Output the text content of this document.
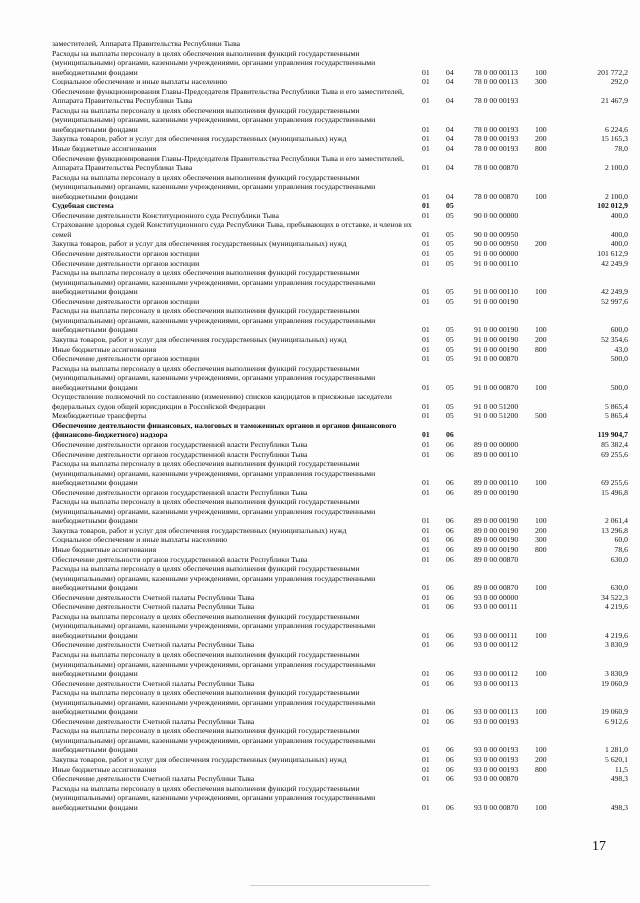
заместителей, Аппарата Правительства Республики Тыва
Расходы на выплаты персоналу в целях обеспечения выполнения функций государственными (муниципальными) органами, казенными учреждениями, органами управления государственными внебюджетными фондами	01 04	78 0 00 00113 100	201 772,2
Социальное обеспечение и иные выплаты населению	01 04	78 0 00 00113 300	292,0
Обеспечение функционирования Главы-Председателя Правительства Республики Тыва и его заместителей, Аппарата Правительства Республики Тыва	01 04	78 0 00 00193	21 467,9
Расходы на выплаты персоналу в целях обеспечения выполнения функций государственными (муниципальными) органами, казенными учреждениями, органами управления государственными внебюджетными фондами	01 04	78 0 00 00193 100	6 224,6
Закупка товаров, работ и услуг для обеспечения государственных (муниципальных) нужд	01 04	78 0 00 00193 200	15 165,3
Иные бюджетные ассигнования	01 04	78 0 00 00193 800	78,0
Обеспечение функционирования Главы-Председателя Правительства Республики Тыва и его заместителей, Аппарата Правительства Республики Тыва	01 04	78 0 00 00870	2 100,0
Расходы на выплаты персоналу в целях обеспечения выполнения функций государственными (муниципальными) органами, казенными учреждениями, органами управления государственными внебюджетными фондами	01 04	78 0 00 00870 100	2 100,0
Судебная система	01 05	102 012,9
Обеспечение деятельности Конституционного суда Республики Тыва	01 05	90 0 00 00000	400,0
Страхование здоровья судей Конституционного суда Республики Тыва, пребывающих в отставке, и членов их семей	01 05	90 0 00 00950	400,0
Закупка товаров, работ и услуг для обеспечения государственных (муниципальных) нужд	01 05	90 0 00 00950 200	400,0
Обеспечение деятельности органов юстиции	01 05	91 0 00 00000	101 612,9
Обеспечение деятельности органов юстиции	01 05	91 0 00 00110	42 249,9
Расходы на выплаты персоналу в целях обеспечения выполнения функций государственными (муниципальными) органами, казенными учреждениями, органами управления государственными внебюджетными фондами	01 05	91 0 00 00110 100	42 249,9
Обеспечение деятельности органов юстиции	01 05	91 0 00 00190	52 997,6
Расходы на выплаты персоналу в целях обеспечения выполнения функций государственными (муниципальными) органами, казенными учреждениями, органами управления государственными внебюджетными фондами	01 05	91 0 00 00190 100	600,0
Закупка товаров, работ и услуг для обеспечения государственных (муниципальных) нужд	01 05	91 0 00 00190 200	52 354,6
Иные бюджетные ассигнования	01 05	91 0 00 00190 800	43,0
Обеспечение деятельности органов юстиции	01 05	91 0 00 00870	500,0
Расходы на выплаты персоналу в целях обеспечения выполнения функций государственными (муниципальными) органами, казенными учреждениями, органами управления государственными внебюджетными фондами	01 05	91 0 00 00870 100	500,0
Осуществление полномочий по составлению (изменению) списков кандидатов в присяжные заседатели федеральных судов общей юрисдикции в Российской Федерации	01 05	91 0 00 51200	5 865,4
Межбюджетные трансферты	01 05	91 0 00 51200 500	5 865,4
Обеспечение деятельности финансовых, налоговых и таможенных органов и органов финансового (финансово-бюджетного) надзора	01 06	119 904,7
Обеспечение деятельности органов государственной власти Республики Тыва	01 06	89 0 00 00000	85 382,4
Обеспечение деятельности органов государственной власти Республики Тыва	01 06	89 0 00 00110	69 255,6
Расходы на выплаты персоналу в целях обеспечения выполнения функций государственными (муниципальными) органами, казенными учреждениями, органами управления государственными внебюджетными фондами	01 06	89 0 00 00110 100	69 255,6
Обеспечение деятельности органов государственной власти Республики Тыва	01 06	89 0 00 00190	15 496,8
Расходы на выплаты персоналу в целях обеспечения выполнения функций государственными (муниципальными) органами, казенными учреждениями, органами управления государственными внебюджетными фондами	01 06	89 0 00 00190 100	2 061,4
Закупка товаров, работ и услуг для обеспечения государственных (муниципальных) нужд	01 06	89 0 00 00190 200	13 296,8
Социальное обеспечение и иные выплаты населению	01 06	89 0 00 00190 300	60,0
Иные бюджетные ассигнования	01 06	89 0 00 00190 800	78,6
Обеспечение деятельности органов государственной власти Республики Тыва	01 06	89 0 00 00870	630,0
Расходы на выплаты персоналу в целях обеспечения выполнения функций государственными (муниципальными) органами, казенными учреждениями, органами управления государственными внебюджетными фондами	01 06	89 0 00 00870 100	630,0
Обеспечение деятельности Счетной палаты Республики Тыва	01 06	93 0 00 00000	34 522,3
Обеспечение деятельности Счетной палаты Республики Тыва	01 06	93 0 00 00111	4 219,6
Расходы на выплаты персоналу в целях обеспечения выполнения функций государственными (муниципальными) органами, казенными учреждениями, органами управления государственными внебюджетными фондами	01 06	93 0 00 00111 100	4 219,6
Обеспечение деятельности Счетной палаты Республики Тыва	01 06	93 0 00 00112	3 830,9
Расходы на выплаты персоналу в целях обеспечения выполнения функций государственными (муниципальными) органами, казенными учреждениями, органами управления государственными внебюджетными фондами	01 06	93 0 00 00112 100	3 830,9
Обеспечение деятельности Счетной палаты Республики Тыва	01 06	93 0 00 00113	19 060,9
Расходы на выплаты персоналу в целях обеспечения выполнения функций государственными (муниципальными) органами, казенными учреждениями, органами управления государственными внебюджетными фондами	01 06	93 0 00 00113 100	19 060,9
Обеспечение деятельности Счетной палаты Республики Тыва	01 06	93 0 00 00193	6 912,6
Расходы на выплаты персоналу в целях обеспечения выполнения функций государственными (муниципальными) органами, казенными учреждениями, органами управления государственными внебюджетными фондами	01 06	93 0 00 00193 100	1 281,0
Закупка товаров, работ и услуг для обеспечения государственных (муниципальных) нужд	01 06	93 0 00 00193 200	5 620,1
Иные бюджетные ассигнования	01 06	93 0 00 00193 800	11,5
Обеспечение деятельности Счетной палаты Республики Тыва	01 06	93 0 00 00870	498,3
Расходы на выплаты персоналу в целях обеспечения выполнения функций государственными (муниципальными) органами, казенными учреждениями, органами управления государственными внебюджетными фондами	01 06	93 0 00 00870 100	498,3
17
